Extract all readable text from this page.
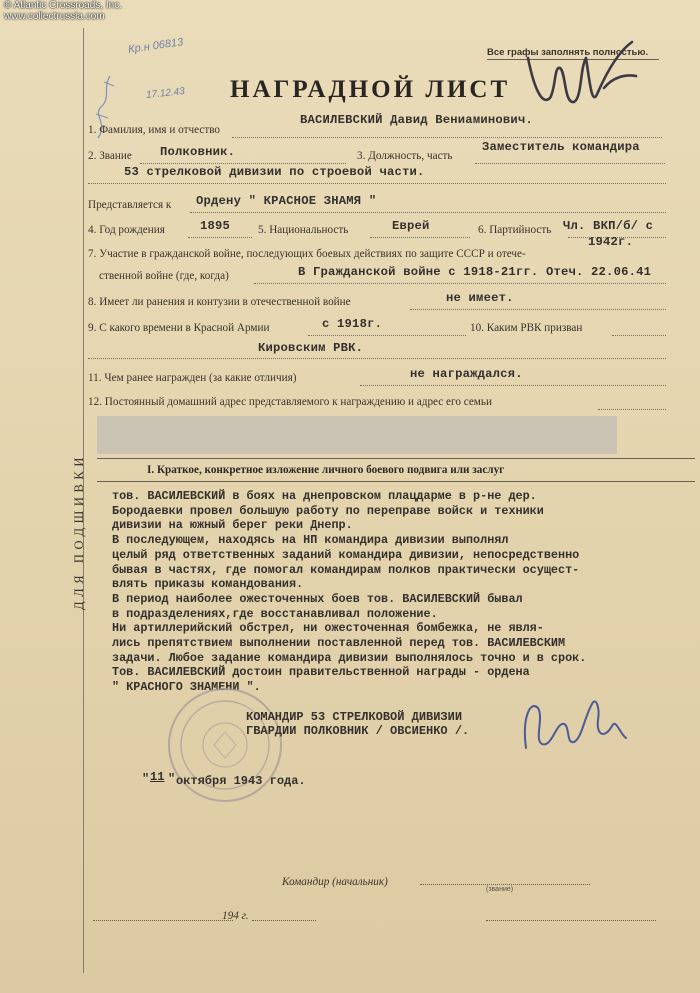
© Atlantic Crossroads, Inc.
www.collectrussia.com
ДЛЯ ПОДШИВКИ
Кр.н 06813
17.12.43
Все графы заполнять полностью.
НАГРАДНОЙ ЛИСТ
1. Фамилия, имя и отчество
ВАСИЛЕВСКИЙ Давид Вениаминович.
2. Звание Полковник.	3. Должность, часть
Заместитель командира
53 стрелковой дивизии по строевой части.
Представляется к Ордену " КРАСНОЕ ЗНАМЯ "
4. Год рождения	1895 5. Национальность	Еврей	6. Партийность Чл. ВКП/б/ с
1942г.
7. Участие в гражданской войне, последующих боевых действиях по защите СССР и отече-
ственной войне (где, когда)	В Гражданской войне с 1918-21гг. Отеч. 22.06.41
8. Имеет ли ранения и контузии в отечественной войне	не имеет.
9. С какого времени в Красной Армии	с 1918г.	10. Каким РВК призван
Кировским РВК.
11. Чем ранее награжден (за какие отличия)	не награждался.
12. Постоянный домашний адрес представляемого к награждению и адрес его семьи
I. Краткое, конкретное изложение личного боевого подвига или заслуг
тов. ВАСИЛЕВСКИЙ в боях на днепровском плацдарме в р-не дер.
Бородаевки провел большую работу по переправе войск и техники
дивизии на южный берег реки Днепр.
В последующем, находясь на НП командира дивизии выполнял
целый ряд ответственных заданий командира дивизии, непосредственно
бывая в частях, где помогал командирам полков практически осущест-
влять приказы командования.
В период наиболее ожесточенных боев тов. ВАСИЛЕВСКИЙ бывал
в подразделениях,где восстанавливал положение.
Ни артиллерийский обстрел, ни ожесточенная бомбежка, не явля-
лись препятствием выполнении поставленной перед тов. ВАСИЛЕВСКИМ
задачи. Любое задание командира дивизии выполнялось точно и в срок.
Тов. ВАСИЛЕВСКИЙ достоин правительственной награды - ордена
" КРАСНОГО ЗНАМЕНИ ".
КОМАНДИР 53 СТРЕЛКОВОЙ ДИВИЗИИ
ГВАРДИИ ПОЛКОВНИК / ОВСИЕНКО /.
" 11 " октября 1943 года.
Командир (начальник)
(звание)
194 г.
